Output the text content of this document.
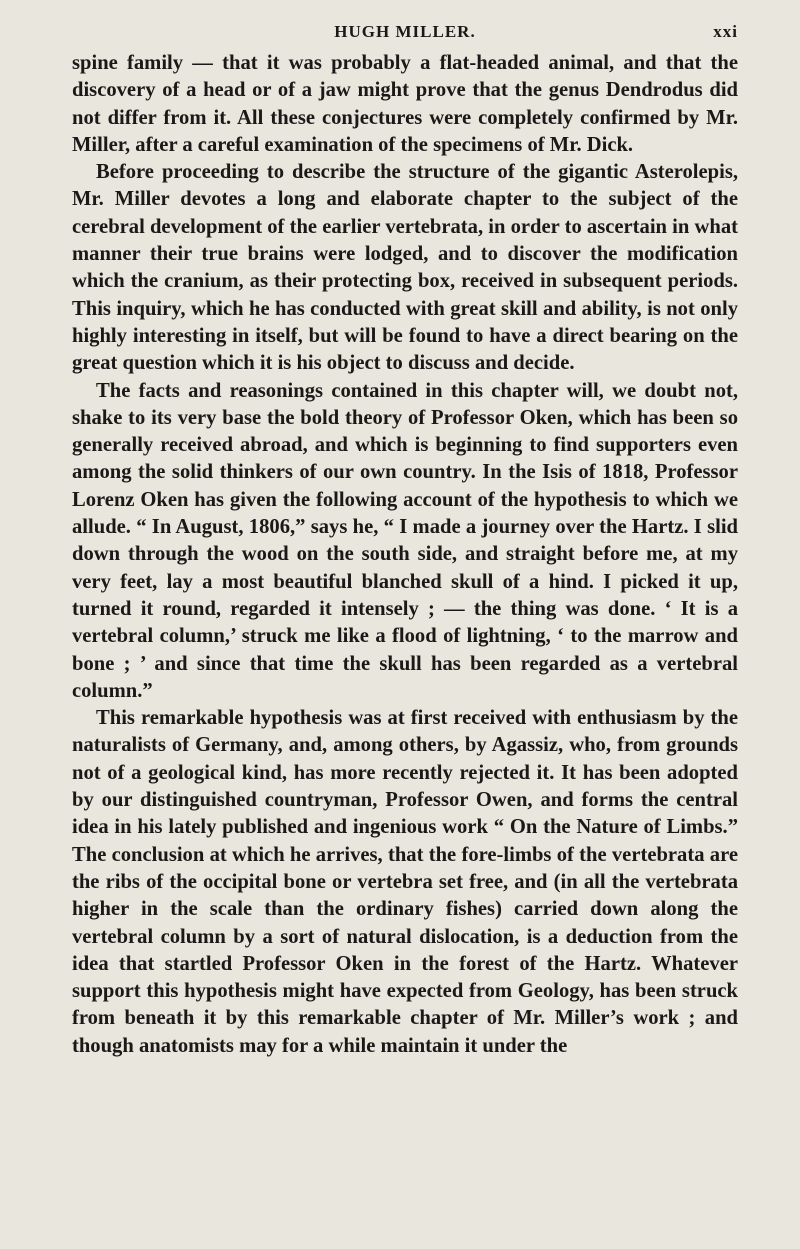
HUGH MILLER.	xxi

spine family — that it was probably a flat-headed animal, and that the discovery of a head or of a jaw might prove that the genus Dendrodus did not differ from it. All these conjectures were completely confirmed by Mr. Miller, after a careful examination of the specimens of Mr. Dick.

Before proceeding to describe the structure of the gigantic Asterolepis, Mr. Miller devotes a long and elaborate chapter to the subject of the cerebral development of the earlier vertebrata, in order to ascertain in what manner their true brains were lodged, and to discover the modification which the cranium, as their protecting box, received in subsequent periods. This inquiry, which he has conducted with great skill and ability, is not only highly interesting in itself, but will be found to have a direct bearing on the great question which it is his object to discuss and decide.

The facts and reasonings contained in this chapter will, we doubt not, shake to its very base the bold theory of Professor Oken, which has been so generally received abroad, and which is beginning to find supporters even among the solid thinkers of our own country. In the Isis of 1818, Professor Lorenz Oken has given the following account of the hypothesis to which we allude. “ In August, 1806,” says he, “ I made a journey over the Hartz. I slid down through the wood on the south side, and straight before me, at my very feet, lay a most beautiful blanched skull of a hind. I picked it up, turned it round, regarded it intensely ; — the thing was done. ‘ It is a vertebral column,’ struck me like a flood of lightning, ‘ to the marrow and bone ; ’ and since that time the skull has been regarded as a vertebral column.”

This remarkable hypothesis was at first received with enthusiasm by the naturalists of Germany, and, among others, by Agassiz, who, from grounds not of a geological kind, has more recently rejected it. It has been adopted by our distinguished countryman, Professor Owen, and forms the central idea in his lately published and ingenious work “ On the Nature of Limbs.” The conclusion at which he arrives, that the fore-limbs of the vertebrata are the ribs of the occipital bone or vertebra set free, and (in all the vertebrata higher in the scale than the ordinary fishes) carried down along the vertebral column by a sort of natural dislocation, is a deduction from the idea that startled Professor Oken in the forest of the Hartz. Whatever support this hypothesis might have expected from Geology, has been struck from beneath it by this remarkable chapter of Mr. Miller’s work ; and though anatomists may for a while maintain it under the
